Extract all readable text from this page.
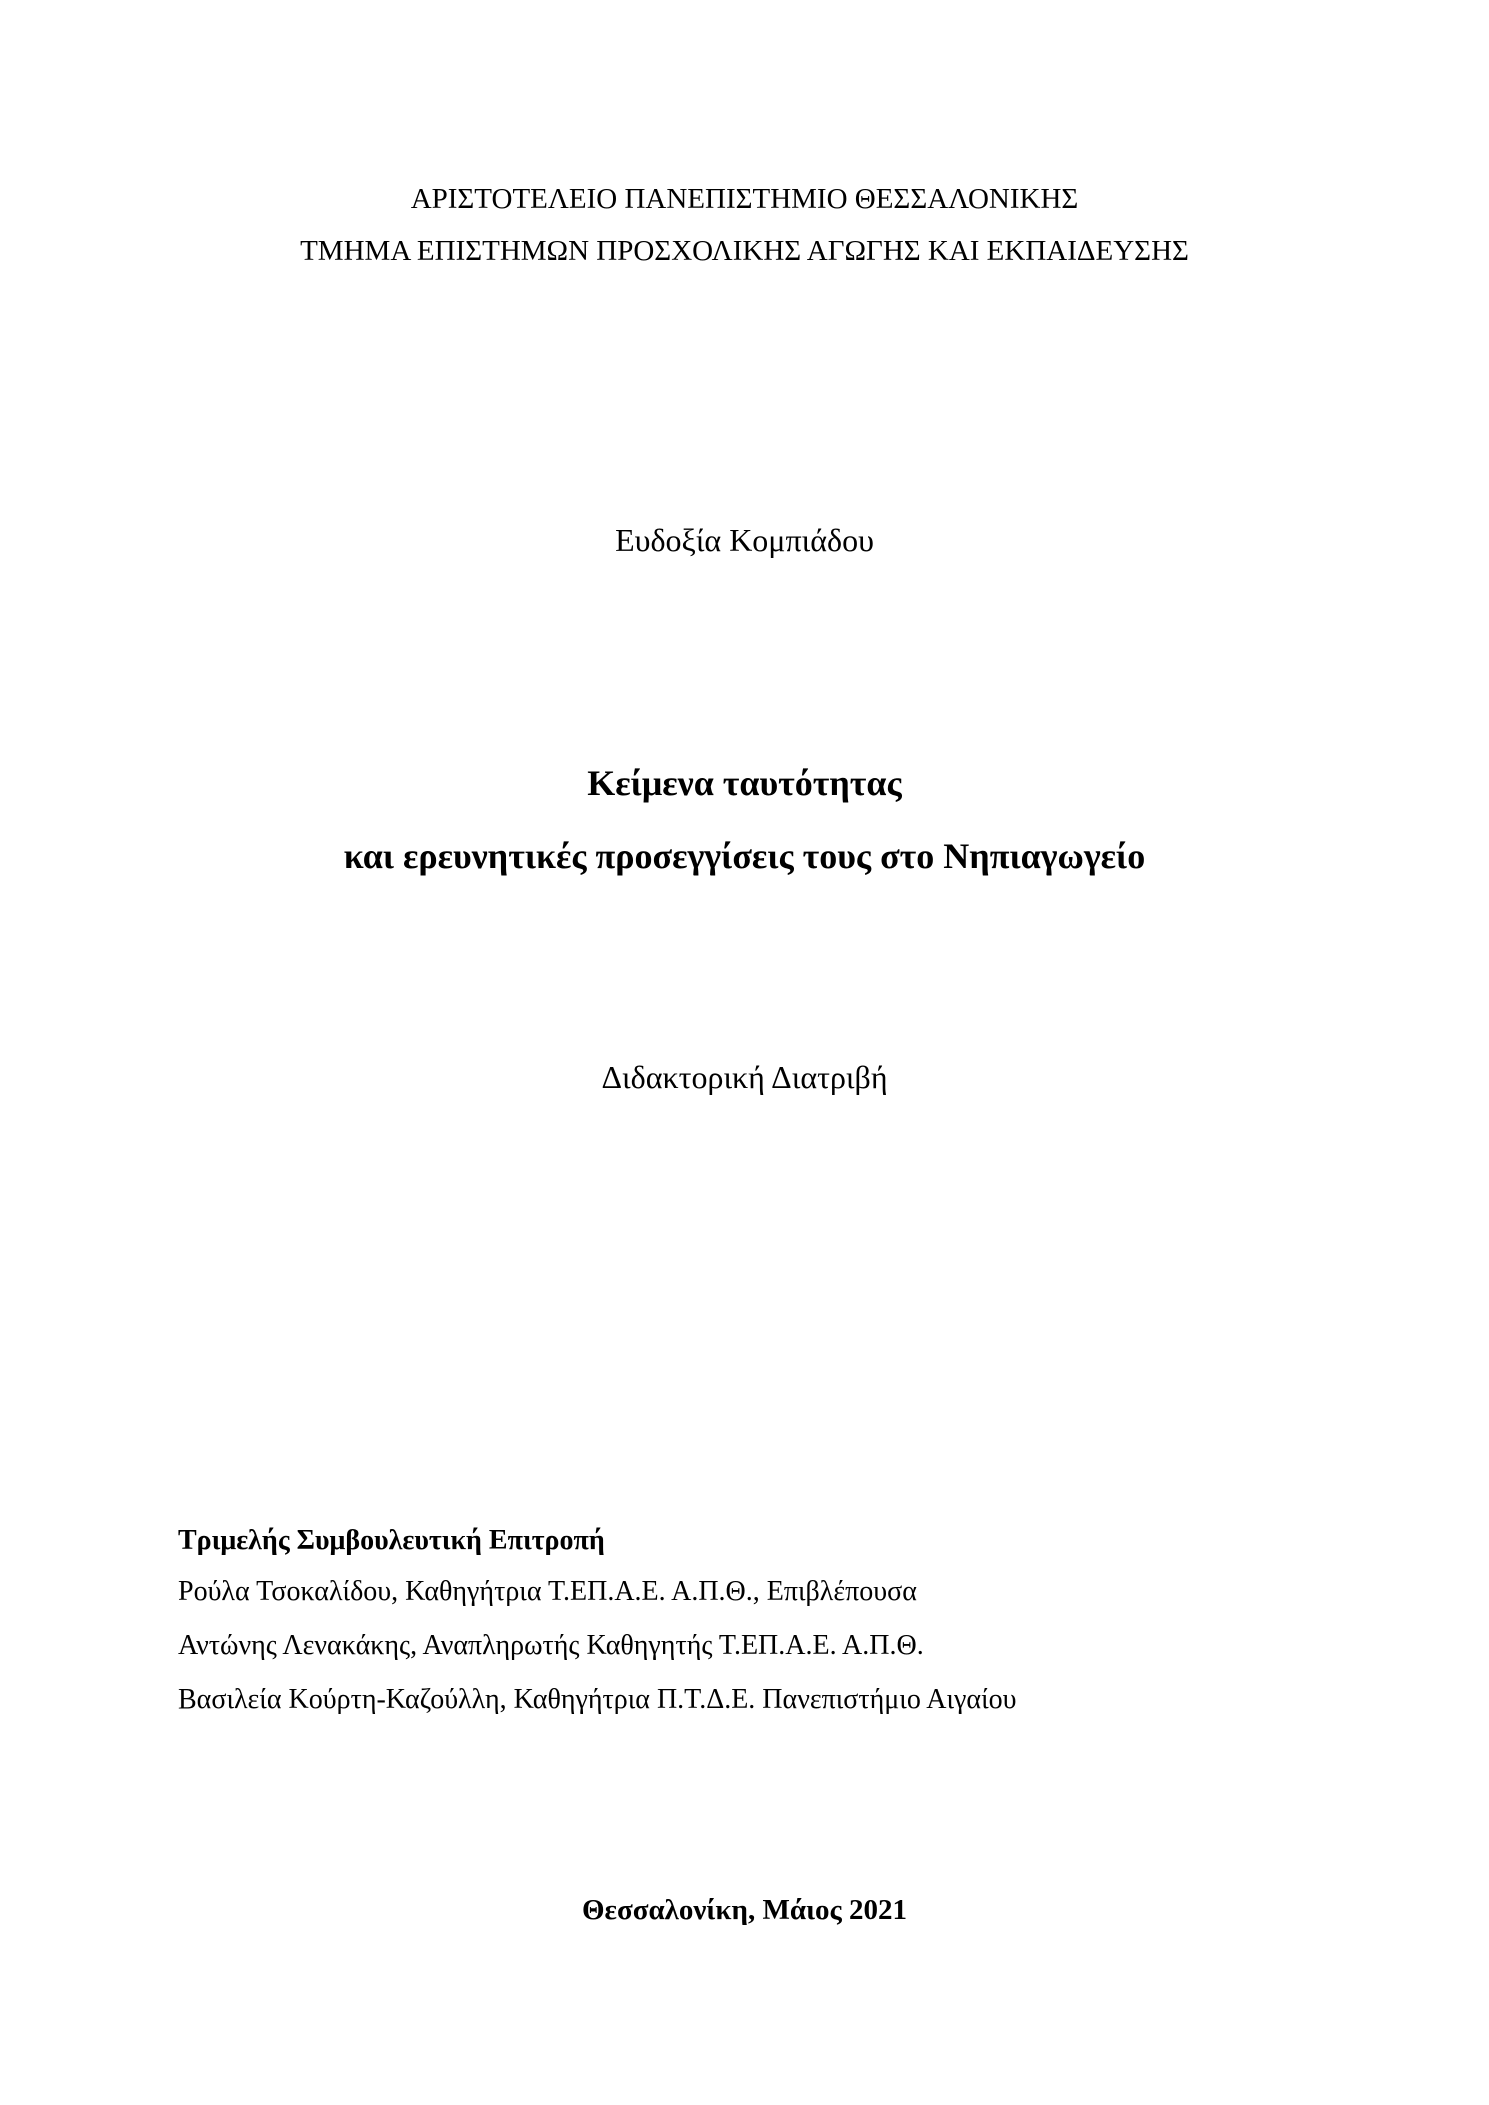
ΑΡΙΣΤΟΤΕΛΕΙΟ ΠΑΝΕΠΙΣΤΗΜΙΟ ΘΕΣΣΑΛΟΝΙΚΗΣ
ΤΜΗΜΑ ΕΠΙΣΤΗΜΩΝ ΠΡΟΣΧΟΛΙΚΗΣ ΑΓΩΓΗΣ ΚΑΙ ΕΚΠΑΙΔΕΥΣΗΣ
Ευδοξία Κομπιάδου
Κείμενα ταυτότητας
και ερευνητικές προσεγγίσεις τους στο Νηπιαγωγείο
Διδακτορική Διατριβή
Τριμελής Συμβουλευτική Επιτροπή
Ρούλα Τσοκαλίδου, Καθηγήτρια Τ.ΕΠ.Α.Ε. Α.Π.Θ., Επιβλέπουσα
Αντώνης Λενακάκης, Αναπληρωτής Καθηγητής Τ.ΕΠ.Α.Ε. Α.Π.Θ.
Βασιλεία Κούρτη-Καζούλλη, Καθηγήτρια Π.Τ.Δ.Ε. Πανεπιστήμιο Αιγαίου
Θεσσαλονίκη, Μάιος 2021
